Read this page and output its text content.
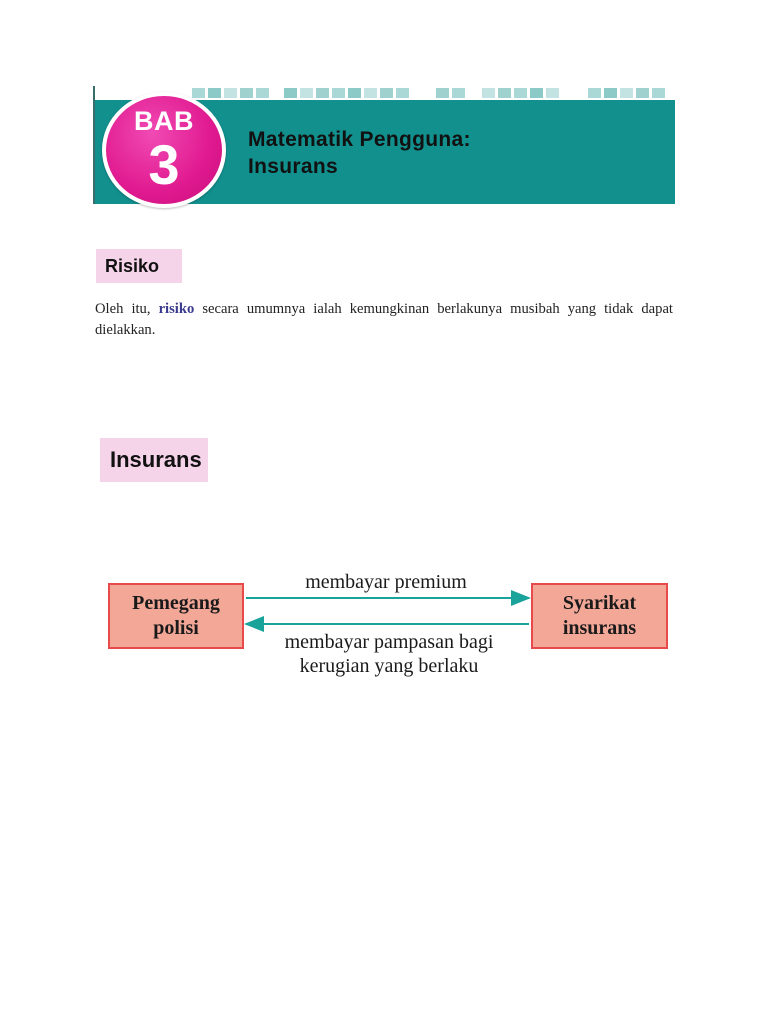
BAB
3	Matematik Pengguna:
Insurans
Risiko
Oleh itu, risiko secara umumnya ialah kemungkinan berlakunya musibah yang tidak dapat dielakkan.
Insurans
Pemegang polisi
Syarikat insurans
membayar premium
membayar pampasan bagi
kerugian yang berlaku
